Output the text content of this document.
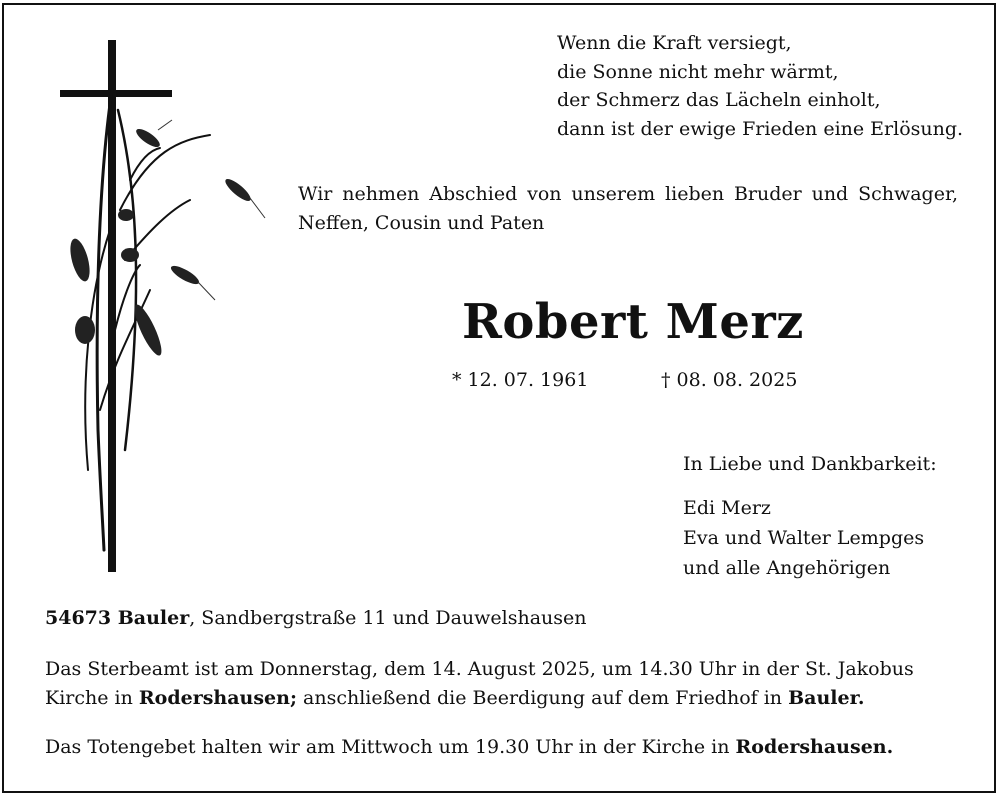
Wenn die Kraft versiegt,
die Sonne nicht mehr wärmt,
der Schmerz das Lächeln einholt,
dann ist der ewige Frieden eine Erlösung.
Wir nehmen Abschied von unserem lieben Bruder und Schwager,
Neffen, Cousin und Paten
Robert Merz
* 12. 07. 1961	† 08. 08. 2025
In Liebe und Dankbarkeit:
Edi Merz
Eva und Walter Lempges
und alle Angehörigen
54673 Bauler, Sandbergstraße 11 und Dauwelshausen
Das Sterbeamt ist am Donnerstag, dem 14. August 2025, um 14.30 Uhr in der St. Jakobus Kirche in Rodershausen; anschließend die Beerdigung auf dem Friedhof in Bauler.
Das Totengebet halten wir am Mittwoch um 19.30 Uhr in der Kirche in Rodershausen.
